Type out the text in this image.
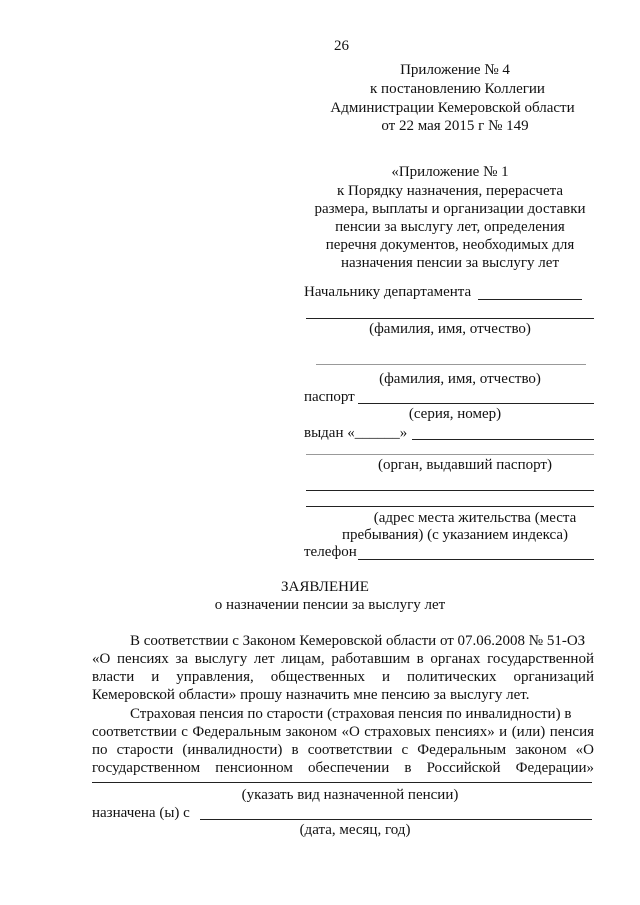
26
Приложение № 4
к постановлению Коллегии
Администрации Кемеровской области
от 22 мая 2015 г № 149
«Приложение № 1
к Порядку назначения, перерасчета
размера, выплаты и организации доставки
пенсии за выслугу лет, определения
перечня документов, необходимых для
назначения пенсии за выслугу лет
Начальнику департамента
(фамилия, имя, отчество)
(фамилия, имя, отчество)
паспорт
(серия, номер)
выдан «______»
(орган, выдавший паспорт)
(адрес места жительства (места
пребывания) (с указанием индекса)
телефон
ЗАЯВЛЕНИЕ
о назначении пенсии за выслугу лет
В соответствии с Законом Кемеровской области от 07.06.2008 № 51-ОЗ
«О пенсиях за выслугу лет лицам, работавшим в органах государственной
власти и управления, общественных и политических организаций
Кемеровской области» прошу назначить мне пенсию за выслугу лет.
Страховая пенсия по старости (страховая пенсия по инвалидности) в
соответствии с Федеральным законом «О страховых пенсиях» и (или) пенсия
по старости (инвалидности) в соответствии с Федеральным законом «О
государственном пенсионном обеспечении в Российской Федерации»
(указать вид назначенной пенсии)
назначена (ы) с
(дата, месяц, год)
